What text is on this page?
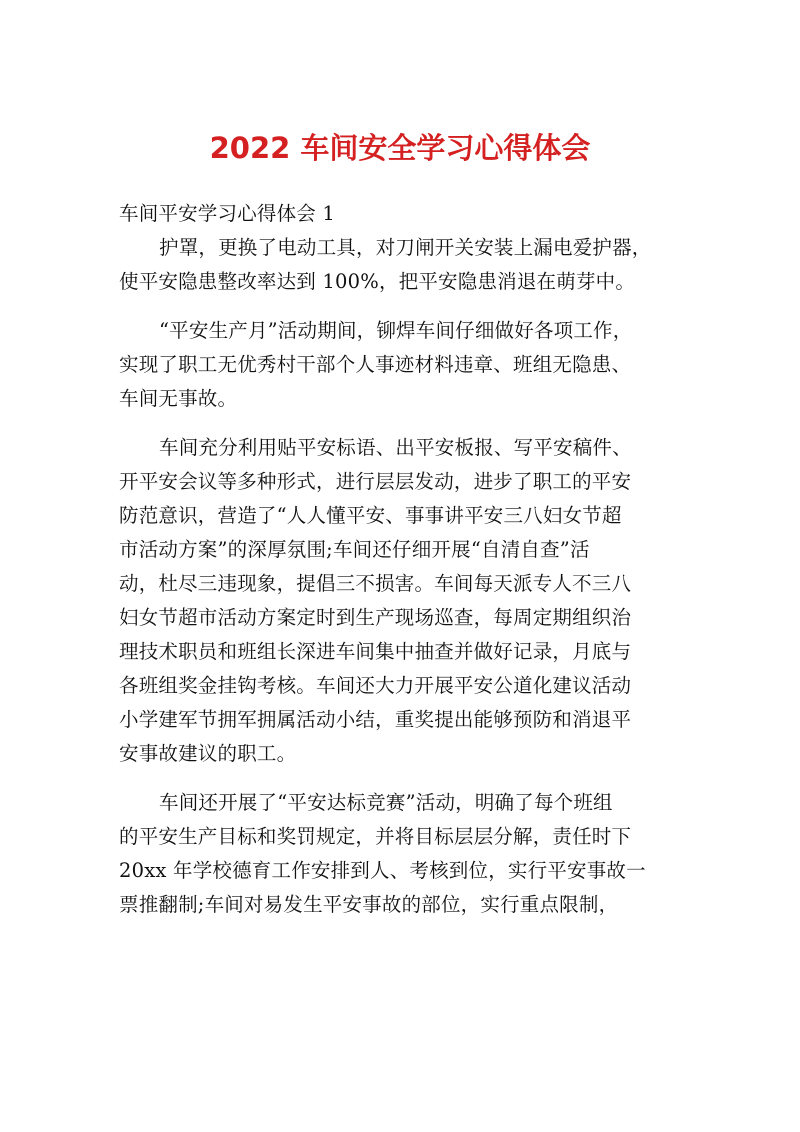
2022 车间安全学习心得体会
车间平安学习心得体会 1
护罩，更换了电动工具，对刀闸开关安装上漏电爱护器，
使平安隐患整改率达到 100%，把平安隐患消退在萌芽中。
“平安生产月”活动期间，铆焊车间仔细做好各项工作，
实现了职工无优秀村干部个人事迹材料违章、班组无隐患、
车间无事故。
车间充分利用贴平安标语、出平安板报、写平安稿件、
开平安会议等多种形式，进行层层发动，进步了职工的平安
防范意识，营造了“人人懂平安、事事讲平安三八妇女节超
市活动方案”的深厚氛围;车间还仔细开展“自清自查”活
动，杜尽三违现象，提倡三不损害。车间每天派专人不三八
妇女节超市活动方案定时到生产现场巡查，每周定期组织治
理技术职员和班组长深进车间集中抽查并做好记录，月底与
各班组奖金挂钩考核。车间还大力开展平安公道化建议活动
小学建军节拥军拥属活动小结，重奖提出能够预防和消退平
安事故建议的职工。
车间还开展了“平安达标竞赛”活动，明确了每个班组
的平安生产目标和奖罚规定，并将目标层层分解，责任时下
20xx 年学校德育工作安排到人、考核到位，实行平安事故一
票推翻制;车间对易发生平安事故的部位，实行重点限制，
